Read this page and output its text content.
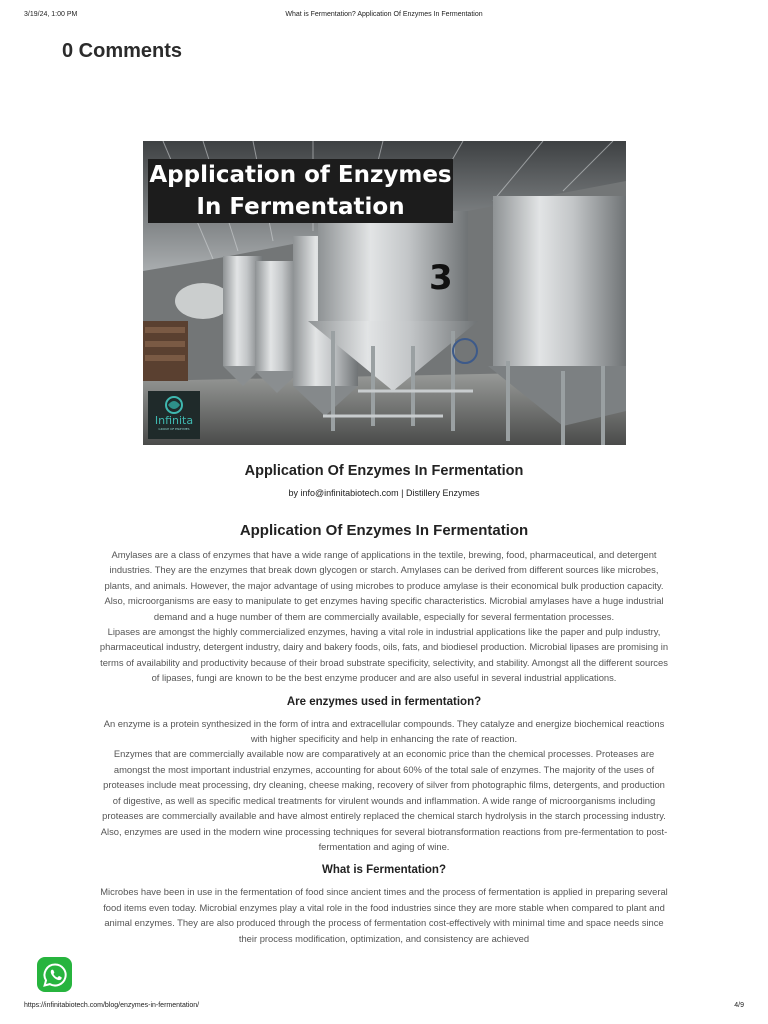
3/19/24, 1:00 PM	What is Fermentation? Application Of Enzymes In Fermentation
0 Comments
3
Application of Enzymes
In Fermentation
Infinita
GROUP OF ENZYMES
Application Of Enzymes In Fermentation
by info@infinitabiotech.com | Distillery Enzymes
Application Of Enzymes In Fermentation

Amylases are a class of enzymes that have a wide range of applications in the textile, brewing, food, pharmaceutical, and detergent industries. They are the enzymes that break down glycogen or starch. Amylases can be derived from different sources like microbes, plants, and animals. However, the major advantage of using microbes to produce amylase is their economical bulk production capacity. Also, microorganisms are easy to manipulate to get enzymes having specific characteristics. Microbial amylases have a huge industrial demand and a huge number of them are commercially available, especially for several fermentation processes.

Lipases are amongst the highly commercialized enzymes, having a vital role in industrial applications like the paper and pulp industry, pharmaceutical industry, detergent industry, dairy and bakery foods, oils, fats, and biodiesel production. Microbial lipases are promising in terms of availability and productivity because of their broad substrate specificity, selectivity, and stability. Amongst all the different sources of lipases, fungi are known to be the best enzyme producer and are also useful in several industrial applications.

Are enzymes used in fermentation?

An enzyme is a protein synthesized in the form of intra and extracellular compounds. They catalyze and energize biochemical reactions with higher specificity and help in enhancing the rate of reaction.

Enzymes that are commercially available now are comparatively at an economic price than the chemical processes. Proteases are amongst the most important industrial enzymes, accounting for about 60% of the total sale of enzymes. The majority of the uses of proteases include meat processing, dry cleaning, cheese making, recovery of silver from photographic films, detergents, and production of digestive, as well as specific medical treatments for virulent wounds and inflammation. A wide range of microorganisms including proteases are commercially available and have almost entirely replaced the chemical starch hydrolysis in the starch processing industry. Also, enzymes are used in the modern wine processing techniques for several biotransformation reactions from pre-fermentation to post-fermentation and aging of wine.

What is Fermentation?

Microbes have been in use in the fermentation of food since ancient times and the process of fermentation is applied in preparing several food items even today. Microbial enzymes play a vital role in the food industries since they are more stable when compared to plant and animal enzymes. They are also produced through the process of fermentation cost-effectively with minimal time and space needs since their process modification, optimization, and consistency are achieved

https://infinitabiotech.com/blog/enzymes-in-fermentation/	4/9
